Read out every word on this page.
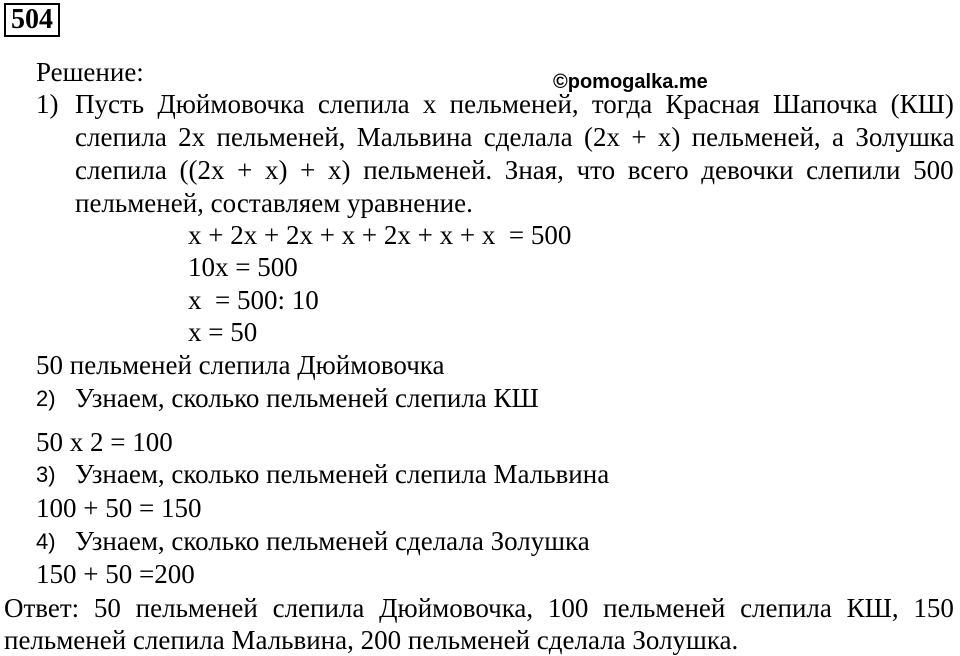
504
©pomogalka.me
Решение:
1) Пусть Дюймовочка слепила x пельменей, тогда Красная Шапочка (КШ)
слепила 2x пельменей, Мальвина сделала (2x + x) пельменей, а Золушка
слепила ((2x + x) + x) пельменей. Зная, что всего девочки слепили 500
пельменей, составляем уравнение.
x + 2x + 2x + x + 2x + x + x  = 500
10x = 500
x  = 500: 10
x = 50
50 пельменей слепила Дюймовочка
2) Узнаем, сколько пельменей слепила КШ
50 x 2 = 100
3) Узнаем, сколько пельменей слепила Мальвина
100 + 50 = 150
4) Узнаем, сколько пельменей сделала Золушка
150 + 50 =200
Ответ: 50 пельменей слепила Дюймовочка, 100 пельменей слепила КШ, 150
пельменей слепила Мальвина, 200 пельменей сделала Золушка.
